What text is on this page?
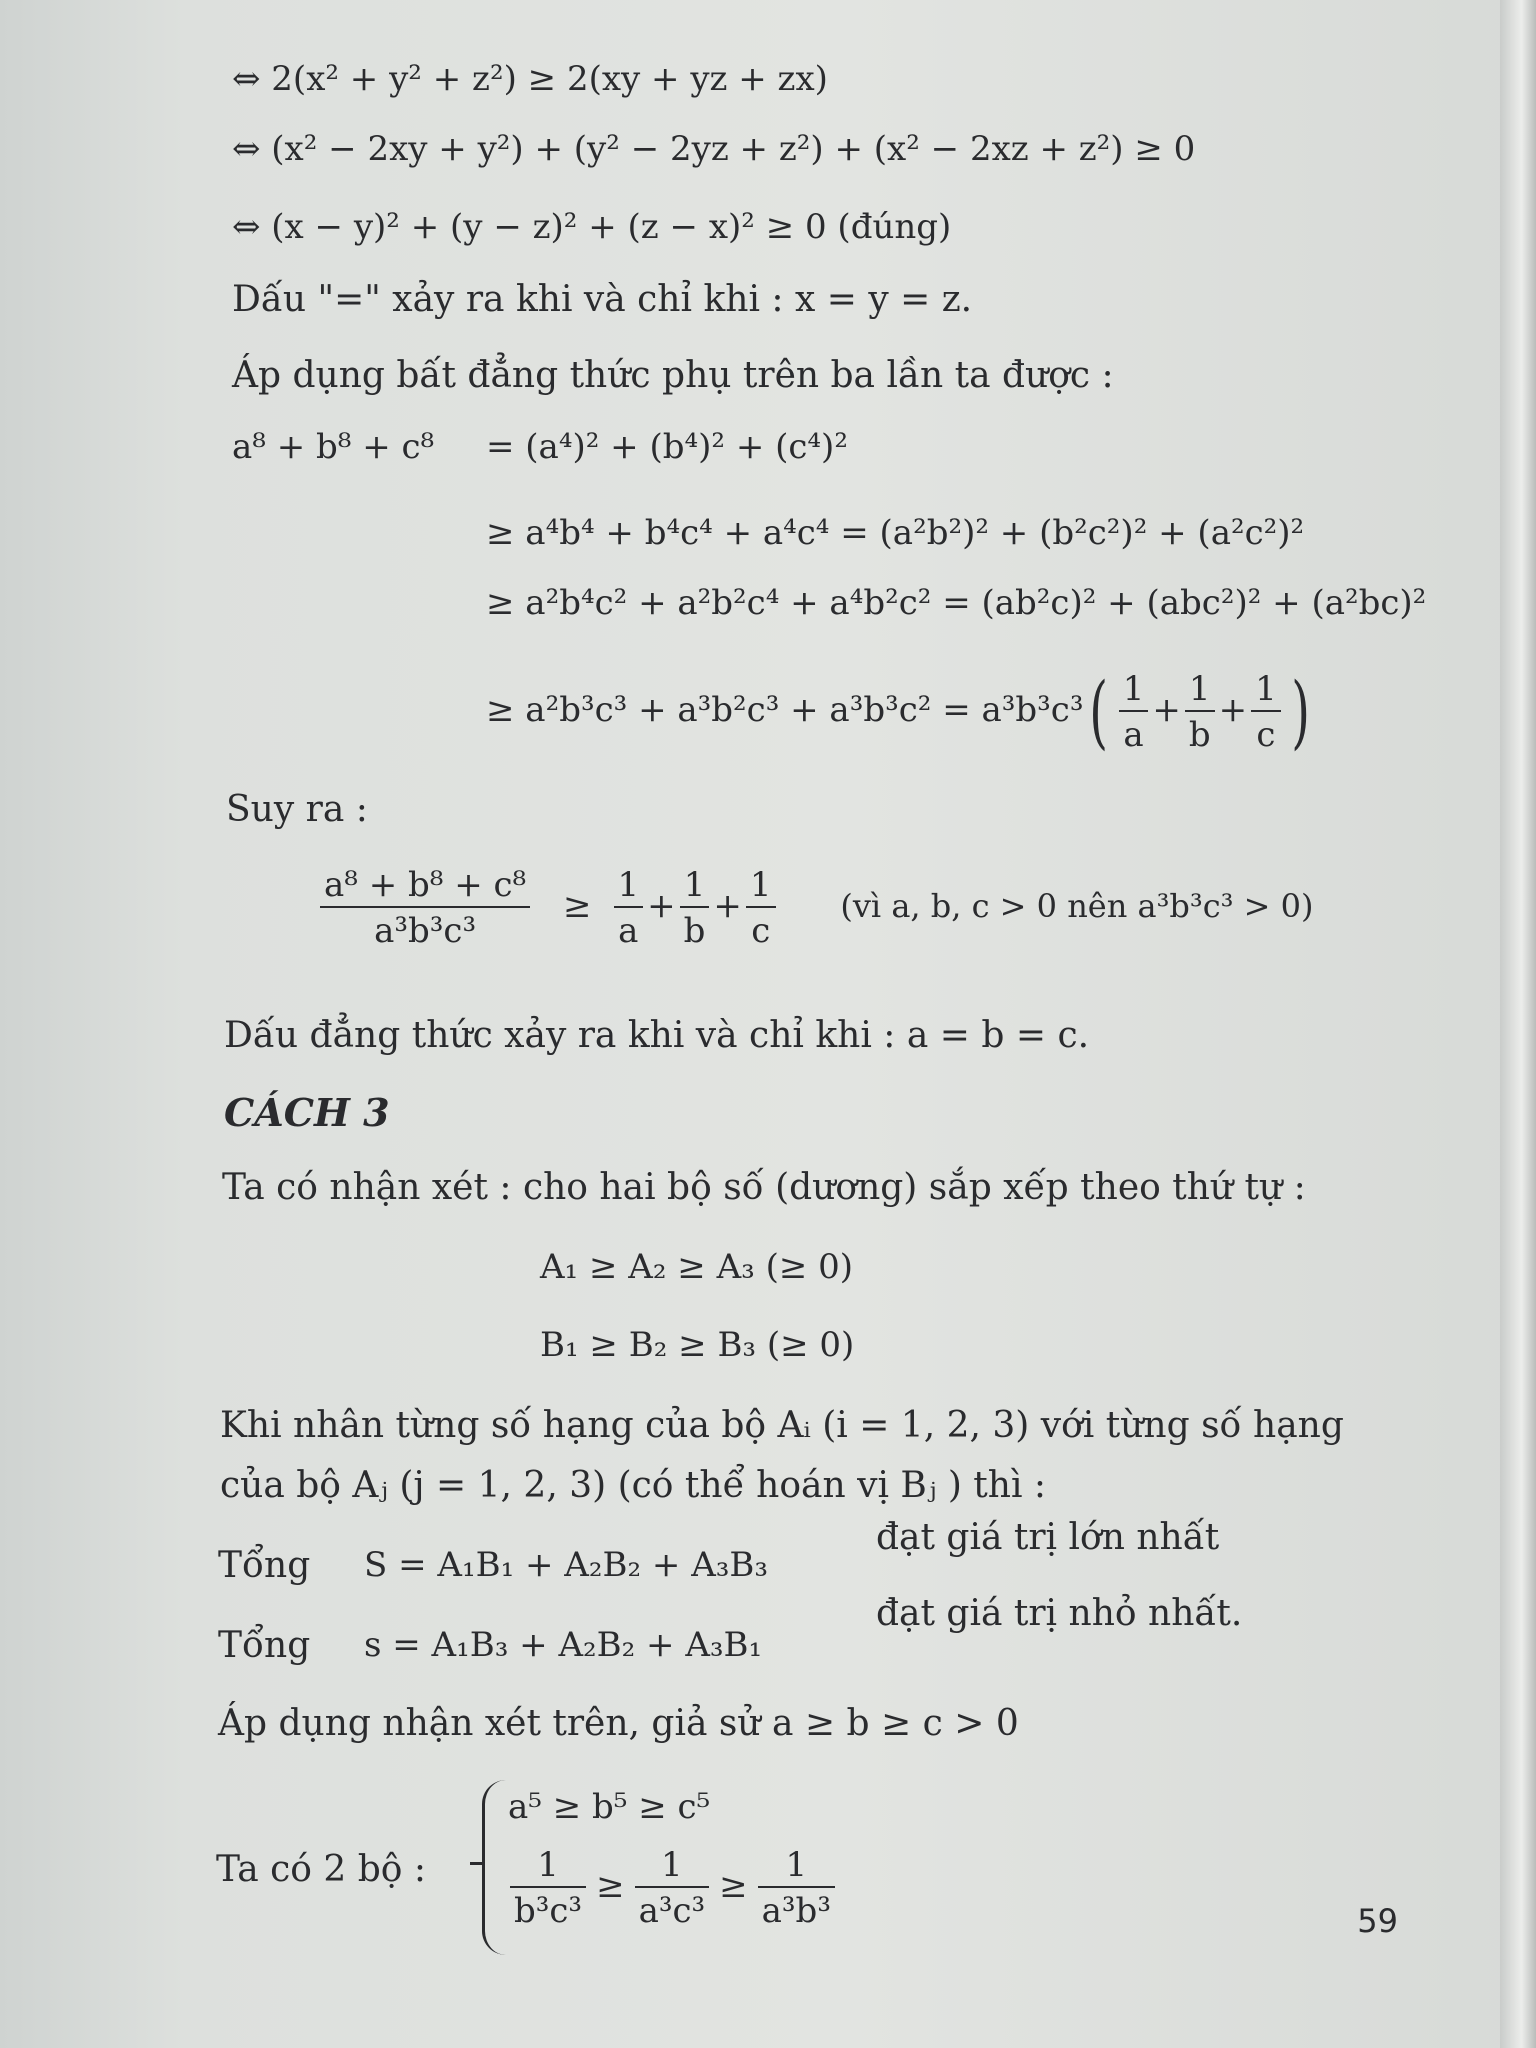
⇔ 2(x² + y² + z²) ≥ 2(xy + yz + zx)
⇔ (x² − 2xy + y²) + (y² − 2yz + z²) + (x² − 2xz + z²) ≥ 0
⇔ (x − y)² + (y − z)² + (z − x)² ≥ 0 (đúng)
Dấu "=" xảy ra khi và chỉ khi : x = y = z.
Áp dụng bất đẳng thức phụ trên ba lần ta được :
a⁸ + b⁸ + c⁸ = (a⁴)² + (b⁴)² + (c⁴)²
≥ a⁴b⁴ + b⁴c⁴ + a⁴c⁴ = (a²b²)² + (b²c²)² + (a²c²)²
≥ a²b⁴c² + a²b²c⁴ + a⁴b²c² = (ab²c)² + (abc²)² + (a²bc)²
≥ $a^2b^3c^3 + a^3b^2c^3 + a^3b^3c^2 = a^3b^3c^3( \frac{1}{a} + \frac{1}{b} + \frac{1}{c}$ )
Suy ra :
$\frac{\text{a⁸ + b⁸ + c⁸}}{\text{a³b³c³}} \ge \frac{1}{a} + \frac{1}{b} + \frac{1}{c}$ (vì a, b, c > 0 nên a³b³c³ > 0)
Dấu đẳng thức xảy ra khi và chỉ khi : a = b = c.
CÁCH 3
Ta có nhận xét : cho hai bộ số (dương) sắp xếp theo thứ tự :
A₁ ≥ A₂ ≥ A₃ (≥ 0)
B₁ ≥ B₂ ≥ B₃ (≥ 0)
Khi nhân từng số hạng của bộ Aᵢ (i = 1, 2, 3) với từng số hạng
của bộ Aⱼ (j = 1, 2, 3) (có thể hoán vị Bⱼ ) thì :
Tổng S = A₁B₁ + A₂B₂ + A₃B₃
đạt giá trị lớn nhất
Tổng s = A₁B₃ + A₂B₂ + A₃B₁
đạt giá trị nhỏ nhất.
Áp dụng nhận xét trên, giả sử a ≥ b ≥ c > 0
Ta có 2 bộ :
a⁵ ≥ b⁵ ≥ c⁵
$\frac{1}{\text{b³c³}} \ge \frac{1}{\text{a³c³}} \ge \frac{1}{\text{a³b³}}$	59
